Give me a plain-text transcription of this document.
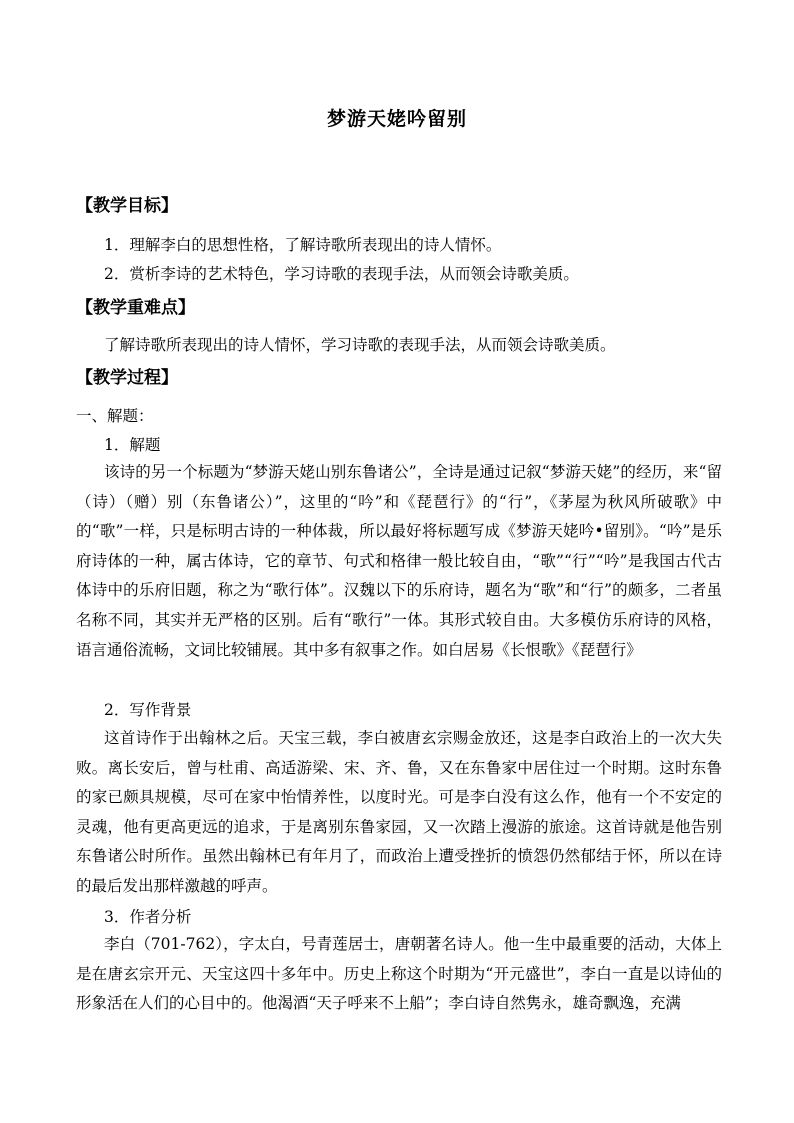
梦游天姥吟留别
【教学目标】
1．理解李白的思想性格，了解诗歌所表现出的诗人情怀。
2．赏析李诗的艺术特色，学习诗歌的表现手法，从而领会诗歌美质。
【教学重难点】
了解诗歌所表现出的诗人情怀，学习诗歌的表现手法，从而领会诗歌美质。
【教学过程】
一、解题：
1．解题
该诗的另一个标题为“梦游天姥山别东鲁诸公”，全诗是通过记叙“梦游天姥”的经历，来“留（诗）（赠）别（东鲁诸公）”，这里的“吟”和《琵琶行》的“行”，《茅屋为秋风所破歌》中的“歌”一样，只是标明古诗的一种体裁，所以最好将标题写成《梦游天姥吟•留别》。“吟”是乐府诗体的一种，属古体诗，它的章节、句式和格律一般比较自由，“歌”“行”“吟”是我国古代古体诗中的乐府旧题，称之为“歌行体”。汉魏以下的乐府诗，题名为“歌”和“行”的颇多，二者虽名称不同，其实并无严格的区别。后有“歌行”一体。其形式较自由。大多模仿乐府诗的风格，语言通俗流畅，文词比较铺展。其中多有叙事之作。如白居易《长恨歌》《琵琶行》
2．写作背景
这首诗作于出翰林之后。天宝三载，李白被唐玄宗赐金放还，这是李白政治上的一次大失败。离长安后，曾与杜甫、高适游梁、宋、齐、鲁，又在东鲁家中居住过一个时期。这时东鲁的家已颇具规模，尽可在家中怡情养性，以度时光。可是李白没有这么作，他有一个不安定的灵魂，他有更高更远的追求，于是离别东鲁家园，又一次踏上漫游的旅途。这首诗就是他告别东鲁诸公时所作。虽然出翰林已有年月了，而政治上遭受挫折的愤怨仍然郁结于怀，所以在诗的最后发出那样激越的呼声。
3．作者分析
李白（701-762），字太白，号青莲居士，唐朝著名诗人。他一生中最重要的活动，大体上是在唐玄宗开元、天宝这四十多年中。历史上称这个时期为“开元盛世”，李白一直是以诗仙的形象活在人们的心目中的。他渴酒“天子呼来不上船”；李白诗自然隽永，雄奇飘逸，充满
